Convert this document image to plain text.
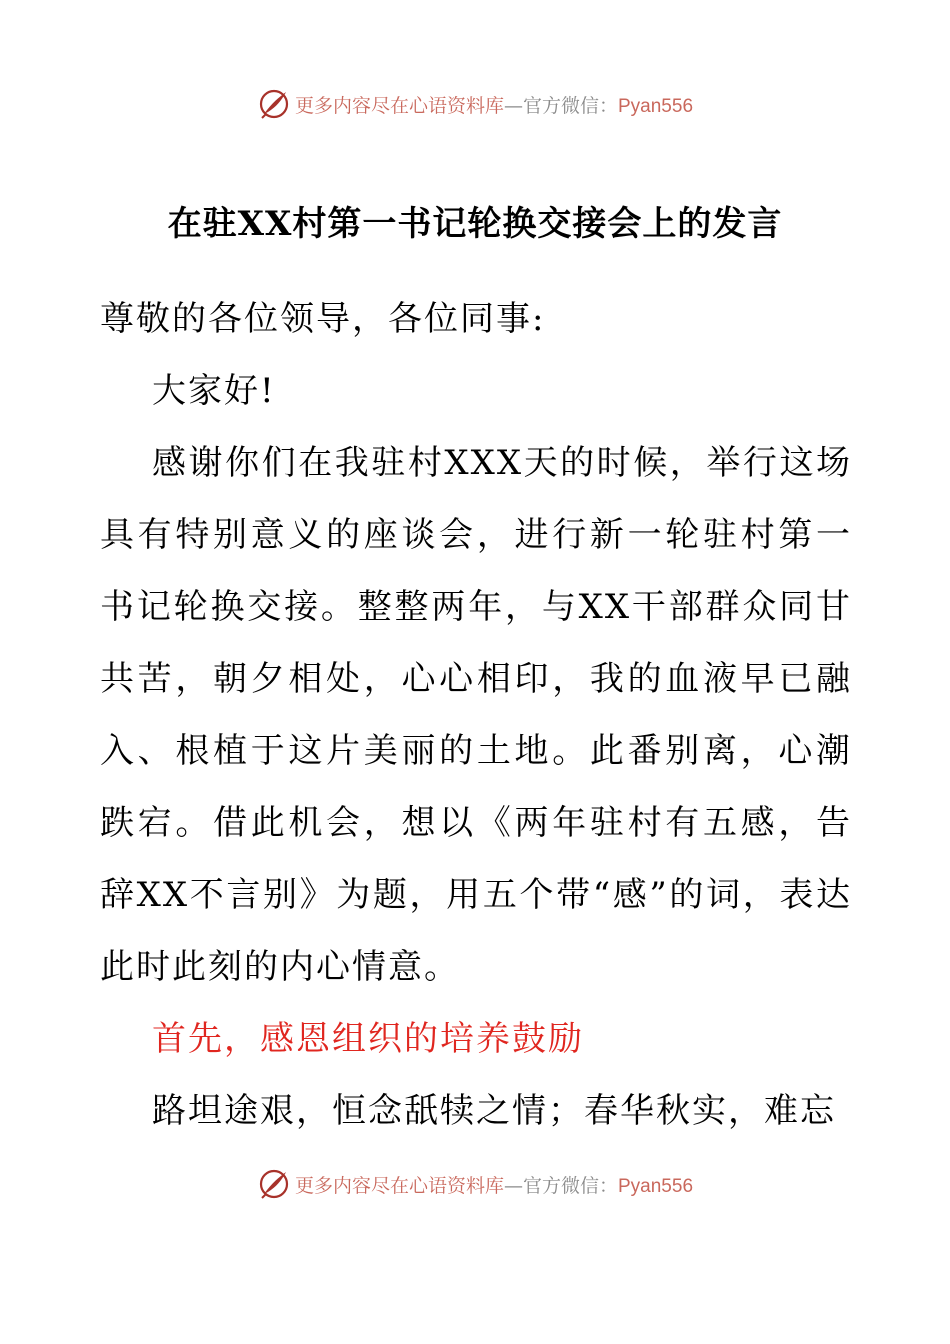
更多内容尽在心语资料库—官方微信：Pyan556
在驻XX村第一书记轮换交接会上的发言

尊敬的各位领导，各位同事:

大家好!

感谢你们在我驻村XXX天的时候，举行这场具有特别意义的座谈会，进行新一轮驻村第一书记轮换交接。整整两年，与XX干部群众同甘共苦，朝夕相处，心心相印，我的血液早已融入、根植于这片美丽的土地。此番别离，心潮跌宕。借此机会，想以《两年驻村有五感，告辞XX不言别》为题，用五个带“感”的词，表达此时此刻的内心情意。

首先，感恩组织的培养鼓励

路坦途艰，恒念舐犊之情；春华秋实，难忘

更多内容尽在心语资料库—官方微信：Pyan556
